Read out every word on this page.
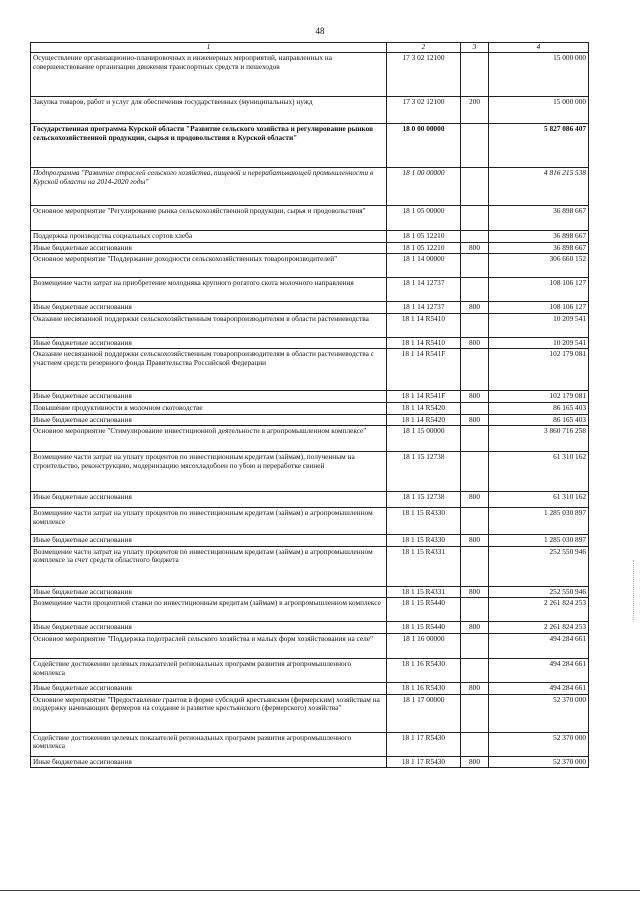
48
1	2	3	4
Осуществление организационно-планировочных и инженерных мероприятий, направленных на совершенствование организации движения транспортных средств и пешеходов	17 3 02 12100		15 000 000
Закупка товаров, работ и услуг для обеспечения государственных (муниципальных) нужд	17 3 02 12100	200	15 000 000
Государственная программа Курской области "Развитие сельского хозяйства и регулирование рынков сельскохозяйственной продукции, сырья и продовольствия в Курской области"	18 0 00 00000		5 827 086 407
Подпрограмма "Развитие отраслей сельского хозяйства, пищевой и перерабатывающей промышленности в Курской области на 2014-2020 годы"	18 1 00 00000		4 816 215 538
Основное мероприятие "Регулирование рынка сельскохозяйственной продукции, сырья и продовольствия"	18 1 05 00000		36 898 667
Поддержка производства социальных сортов хлеба	18 1 05 12210		36 898 667
Иные бюджетные ассигнования	18 1 05 12210	800	36 898 667
Основное мероприятие "Поддержание доходности сельскохозяйственных товаропроизводителей"	18 1 14 00000		306 660 152
Возмещение части затрат на приобретение молодняка крупного рогатого скота молочного направления	18 1 14 12737		108 106 127
Иные бюджетные ассигнования	18 1 14 12737	800	108 106 127
Оказание несвязанной поддержки сельскохозяйственным товаропроизводителям в области растениеводства	18 1 14 R5410		10 209 541
Иные бюджетные ассигнования	18 1 14 R5410	800	10 209 541
Оказание несвязанной поддержки сельскохозяйственным товаропроизводителям в области растениеводства с участием средств резервного фонда Правительства Российской Федерации	18 1 14 R541F		102 179 081
Иные бюджетные ассигнования	18 1 14 R541F	800	102 179 081
Повышение продуктивности в молочном скотоводстве	18 1 14 R5420		86 165 403
Иные бюджетные ассигнования	18 1 14 R5420	800	86 165 403
Основное мероприятие "Стимулирование инвестиционной деятельности в агропромышленном комплексе"	18 1 15 00000		3 860 716 258
Возмещение части затрат на уплату процентов по инвестиционным кредитам (займам), полученным на строительство, реконструкцию, модернизацию мясохладобоен по убою и переработке свиней	18 1 15 12738		61 310 162
Иные бюджетные ассигнования	18 1 15 12738	800	61 310 162
Возмещение части затрат на уплату процентов по инвестиционным кредитам (займам) в агропромышленном комплексе	18 1 15 R4330		1 285 030 897
Иные бюджетные ассигнования	18 1 15 R4330	800	1 285 030 897
Возмещение части затрат на уплату процентов по инвестиционным кредитам (займам) в агропромышленном комплексе за счет средств областного бюджета	18 1 15 R4331		252 550 946
Иные бюджетные ассигнования	18 1 15 R4331	800	252 550 946
Возмещение части процентной ставки по инвестиционным кредитам (займам) в агропромышленном комплексе	18 1 15 R5440		2 261 824 253
Иные бюджетные ассигнования	18 1 15 R5440	800	2 261 824 253
Основное мероприятие "Поддержка подотраслей сельского хозяйства и малых форм хозяйствования на селе"	18 1 16 00000		494 284 661
Содействие достижению целевых показателей региональных программ развития агропромышленного комплекса	18 1 16 R5430		494 284 661
Иные бюджетные ассигнования	18 1 16 R5430	800	494 284 661
Основное мероприятие "Предоставление грантов в форме субсидий крестьянским (фермерским) хозяйствам на поддержку начинающих фермеров на создание и развитие крестьянского (фермерского) хозяйства"	18 1 17 00000		52 370 000
Содействие достижению целевых показателей региональных программ развития агропромышленного комплекса	18 1 17 R5430		52 370 000
Иные бюджетные ассигнования	18 1 17 R5430	800	52 370 000
